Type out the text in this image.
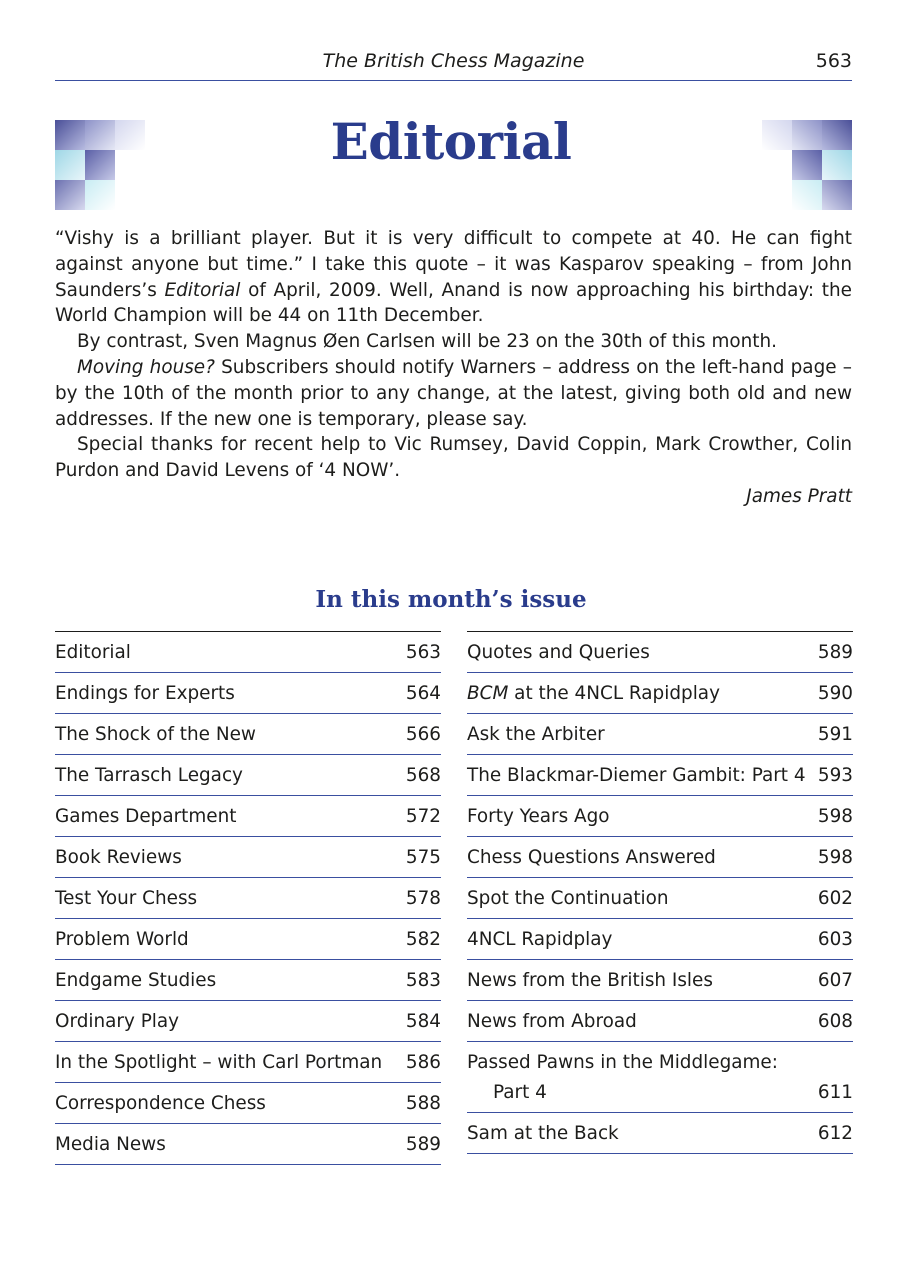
The British Chess Magazine	563
Editorial

“Vishy is a brilliant player. But it is very difficult to compete at 40. He can fight against anyone but time.” I take this quote – it was Kasparov speaking – from John Saunders’s Editorial of April, 2009. Well, Anand is now approaching his birthday: the World Champion will be 44 on 11th December.

By contrast, Sven Magnus Øen Carlsen will be 23 on the 30th of this month.

Moving house? Subscribers should notify Warners – address on the left-hand page – by the 10th of the month prior to any change, at the latest, giving both old and new addresses. If the new one is temporary, please say.

Special thanks for recent help to Vic Rumsey, David Coppin, Mark Crowther, Colin Purdon and David Levens of ‘4 NOW’.

James Pratt

In this month’s issue
Editorial	563
Endings for Experts	564
The Shock of the New	566
The Tarrasch Legacy	568
Games Department	572
Book Reviews	575
Test Your Chess	578
Problem World	582
Endgame Studies	583
Ordinary Play	584
In the Spotlight – with Carl Portman 586
Correspondence Chess	588
Media News	589
Quotes and Queries	589
BCM at the 4NCL Rapidplay	590
Ask the Arbiter	591
The Blackmar-Diemer Gambit: Part 4 593
Forty Years Ago	598
Chess Questions Answered	598
Spot the Continuation	602
4NCL Rapidplay	603
News from the British Isles	607
News from Abroad	608
Passed Pawns in the Middlegame:
Part 4	611
Sam at the Back	612
